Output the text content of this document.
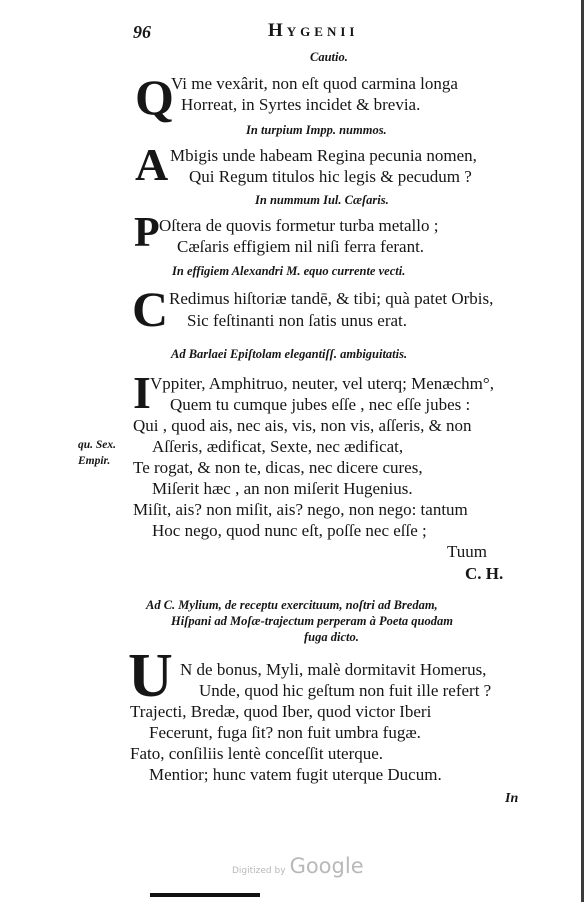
96	Hygenii
Cautio.
Q
Vi me vexârit, non eſt quod carmina longa
Horreat, in Syrtes incidet & brevia.
In turpium Impp. nummos.
A Mbigis unde habeam Regina pecunia nomen,
Qui Regum titulos hic legis & pecudum ?
In nummum Iul. Cæſaris.
P Oſtera de quovis formetur turba metallo ;
Cæſaris effigiem nil niſi ferra ferant.
In effigiem Alexandri M. equo currente vecti.
C Redimus hiſtoriæ tandē, & tibi; quà patet Orbis,
Sic feſtinanti non ſatis unus erat.
Ad Barlaei Epiſtolam elegantiſſ. ambiguitatis.
I Vppiter, Amphitruo, neuter, vel uterq; Menæchm°,
Quem tu cumque jubes eſſe , nec eſſe jubes :
Qui , quod ais, nec ais, vis, non vis, aſſeris, & non
Aſſeris, ædificat, Sexte, nec ædificat,
Te rogat, & non te, dicas, nec dicere cures,
Miſerit hæc , an non miſerit Hugenius.
Miſit, ais? non miſit, ais? nego, non nego: tantum
Hoc nego, quod nunc eſt, poſſe nec eſſe ;
Tuum
C. H.
qu. Sex.
Empir.
Ad C. Mylium, de receptu exercituum, noſtri ad Bredam,
Hiſpani ad Moſæ-trajectum perperam à Poeta quodam
fuga dicto.
U N de bonus, Myli, malè dormitavit Homerus,
Unde, quod hic geſtum non fuit ille refert ?
Trajecti, Bredæ, quod Iber, quod victor Iberi
Fecerunt, fuga ſit? non fuit umbra fugæ.
Fato, conſiliis lentè conceſſit uterque.
Mentior; hunc vatem fugit uterque Ducum.
In
Digitized by Google
